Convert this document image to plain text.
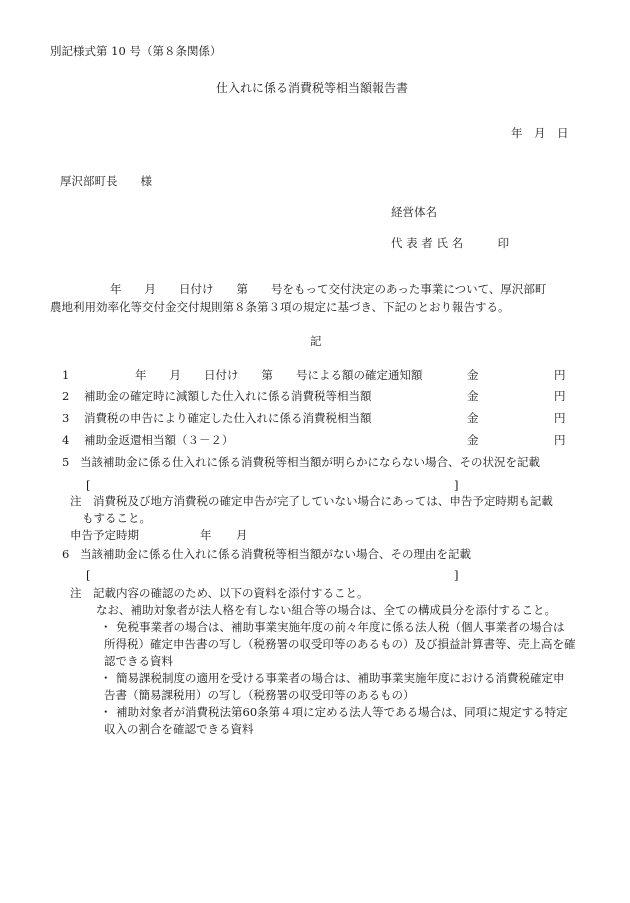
別記様式第 10 号（第８条関係）
仕入れに係る消費税等相当額報告書
年　月　日
厚沢部町長　　様
経営体名
代 表 者 氏 名　　　印
年　　月　　日付け　　第　　号をもって交付決定のあった事業について、厚沢部町
農地利用効率化等交付金交付規則第８条第３項の規定に基づき、下記のとおり報告する。
記
1	年　　月　　日付け　　第　　号による額の確定通知額	金	円
2 補助金の確定時に減額した仕入れに係る消費税等相当額	金	円
3 消費税の申告により確定した仕入れに係る消費税相当額	金	円
4 補助金返還相当額（３－２）	金	円
5 当該補助金に係る仕入れに係る消費税等相当額が明らかにならない場合、その状況を記載
[	]
注　消費税及び地方消費税の確定申告が完了していない場合にあっては、申告予定時期も記載
もすること。
申告予定時期	年 月
6 当該補助金に係る仕入れに係る消費税等相当額がない場合、その理由を記載
[	]
注　記載内容の確認のため、以下の資料を添付すること。
なお、補助対象者が法人格を有しない組合等の場合は、全ての構成員分を添付すること。
・ 免税事業者の場合は、補助事業実施年度の前々年度に係る法人税（個人事業者の場合は
所得税）確定申告書の写し（税務署の収受印等のあるもの）及び損益計算書等、売上高を確
認できる資料
・ 簡易課税制度の適用を受ける事業者の場合は、補助事業実施年度における消費税確定申
告書（簡易課税用）の写し（税務署の収受印等のあるもの）
・ 補助対象者が消費税法第60条第４項に定める法人等である場合は、同項に規定する特定
収入の割合を確認できる資料
